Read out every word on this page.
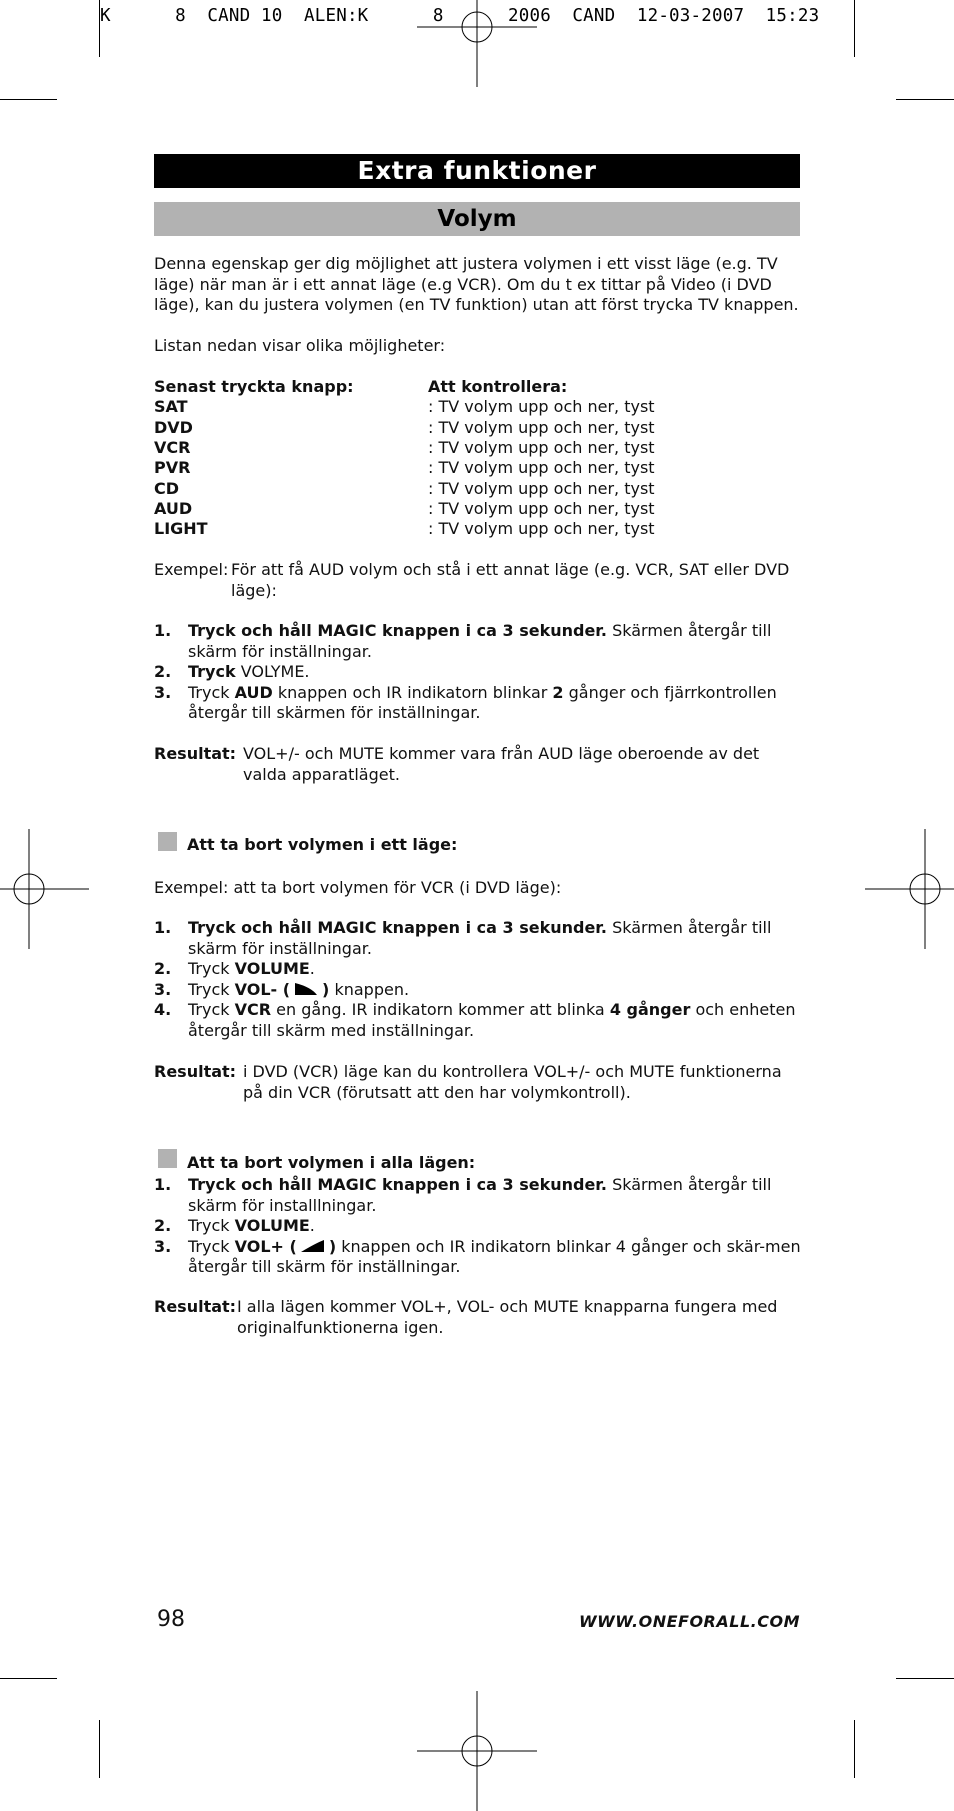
K	8  CAND 10  ALEN:K	8	2006  CAND  12-03-2007  15:23
Extra funktioner
Volym
Denna egenskap ger dig möjlighet att justera volymen i ett visst läge (e.g. TV läge) när man är i ett annat läge (e.g VCR). Om du t ex tittar på Video (i DVD läge), kan du justera volymen (en TV funktion) utan att först trycka TV knappen.
Listan nedan visar olika möjligheter:
Senast tryckta knapp:	Att kontrollera:
SAT	: TV volym upp och ner, tyst
DVD	: TV volym upp och ner, tyst
VCR	: TV volym upp och ner, tyst
PVR	: TV volym upp och ner, tyst
CD	: TV volym upp och ner, tyst
AUD	: TV volym upp och ner, tyst
LIGHT	: TV volym upp och ner, tyst
Exempel: För att få AUD volym och stå i ett annat läge (e.g. VCR, SAT eller DVD läge):
1. Tryck och håll MAGIC knappen i ca 3 sekunder. Skärmen återgår till skärm för inställningar.
2. Tryck VOLYME.
3. Tryck AUD knappen och IR indikatorn blinkar 2 gånger och fjärrkontrollen återgår till skärmen för inställningar.
Resultat: VOL+/- och MUTE kommer vara från AUD läge oberoende av det valda apparatläget.
Att ta bort volymen i ett läge:
Exempel: att ta bort volymen för VCR (i DVD läge):
1. Tryck och håll MAGIC knappen i ca 3 sekunder. Skärmen återgår till skärm för inställningar.
2. Tryck VOLUME.
3. Tryck VOL- ( ) knappen.
4. Tryck VCR en gång. IR indikatorn kommer att blinka 4 gånger och enheten återgår till skärm med inställningar.
Resultat: i DVD (VCR) läge kan du kontrollera VOL+/- och MUTE funktionerna på din VCR (förutsatt att den har volymkontroll).
Att ta bort volymen i alla lägen:
1. Tryck och håll MAGIC knappen i ca 3 sekunder. Skärmen återgår till skärm för installlningar.
2. Tryck VOLUME.
3. Tryck VOL+ ( ) knappen och IR indikatorn blinkar 4 gånger och skär-men återgår till skärm för inställningar.
Resultat: I alla lägen kommer VOL+, VOL- och MUTE knapparna fungera med originalfunktionerna igen.
98	WWW.ONEFORALL.COM
